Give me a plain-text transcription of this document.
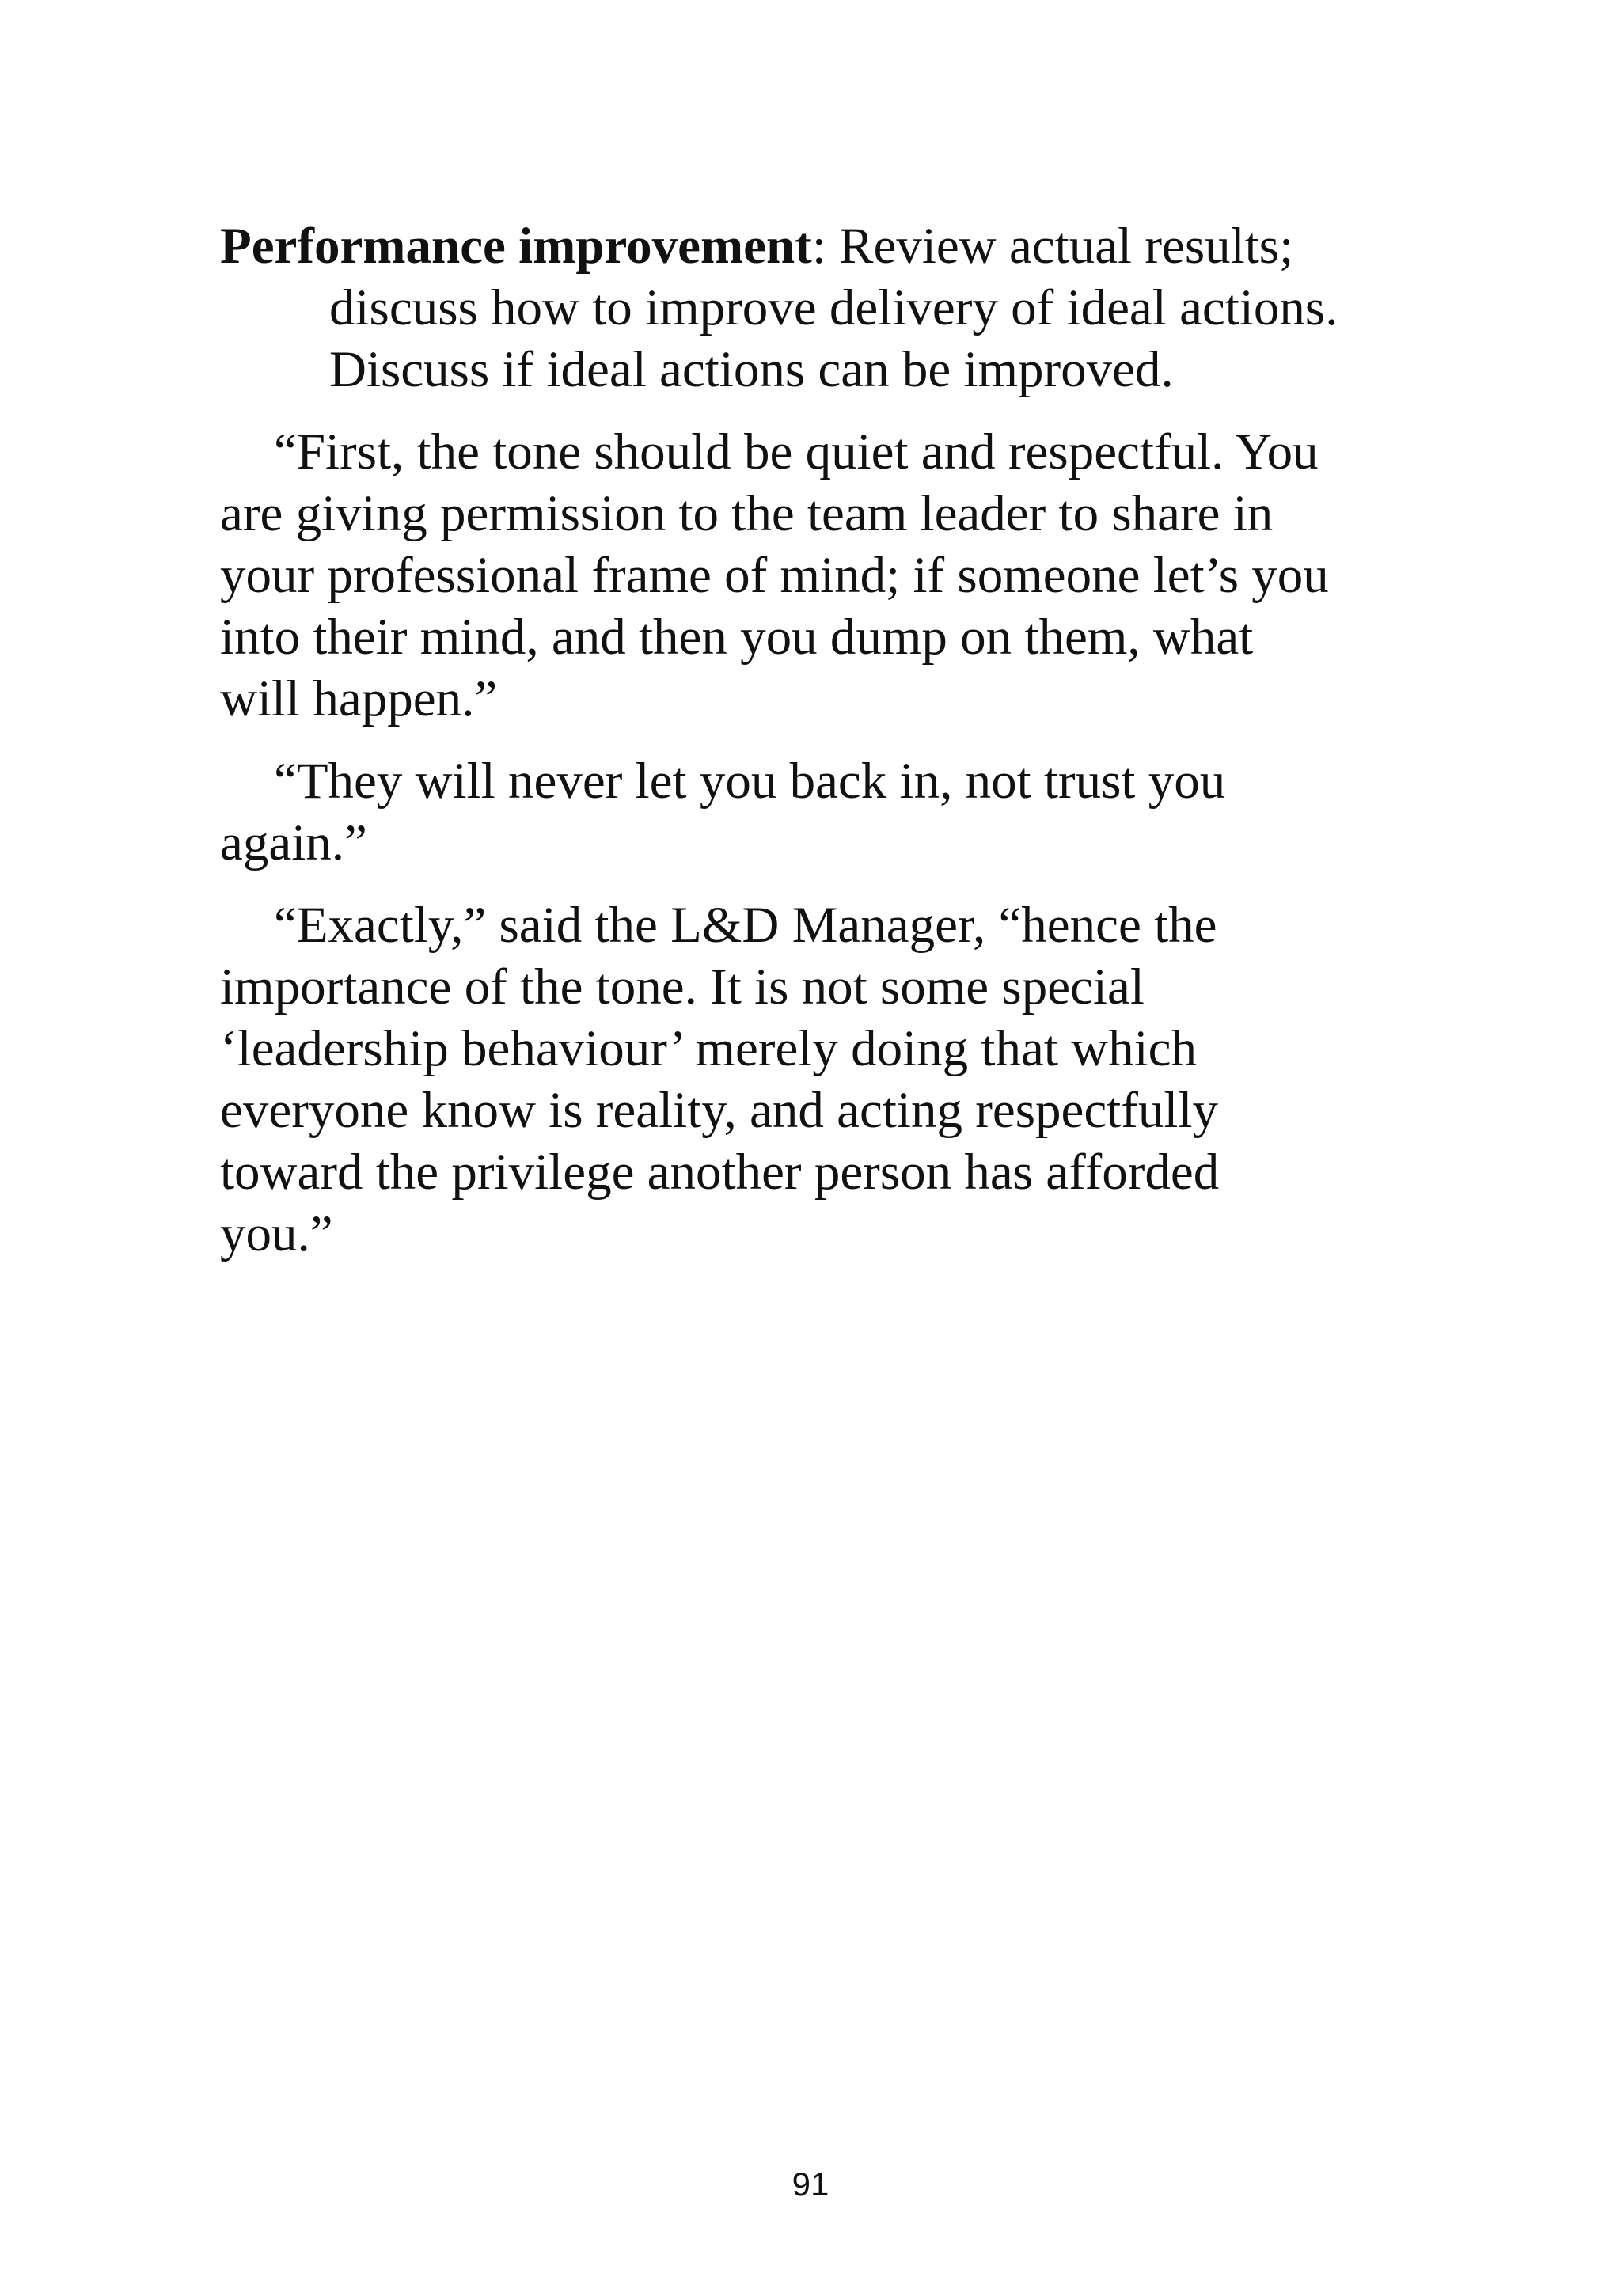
Performance improvement: Review actual results;
discuss how to improve delivery of ideal actions.
Discuss if ideal actions can be improved.
“First, the tone should be quiet and respectful. You
are giving permission to the team leader to share in
your professional frame of mind; if someone let’s you
into their mind, and then you dump on them, what
will happen.”
“They will never let you back in, not trust you
again.”
“Exactly,” said the L&D Manager, “hence the
importance of the tone. It is not some special
‘leadership behaviour’ merely doing that which
everyone know is reality, and acting respectfully
toward the privilege another person has afforded
you.”
91
